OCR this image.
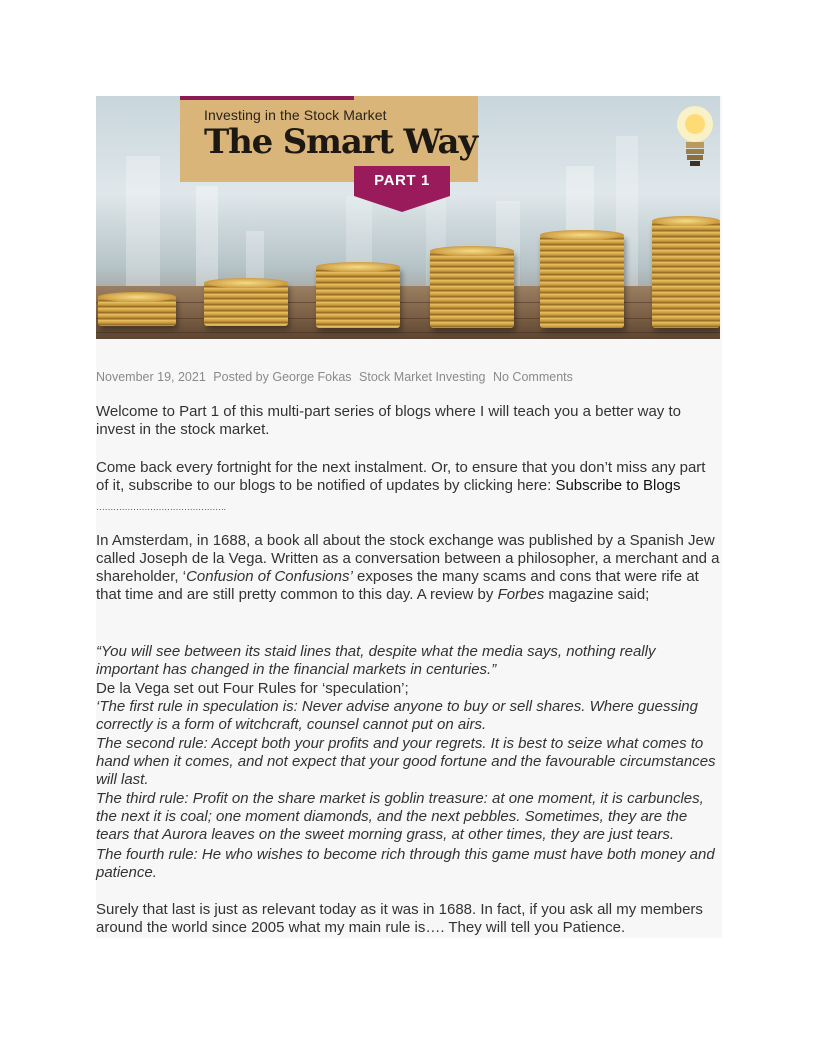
Investing in the Stock Market
The Smart Way
PART 1
November 19, 2021 Posted by George Fokas Stock Market Investing No Comments

Welcome to Part 1 of this multi-part series of blogs where I will teach you a better way to invest in the stock market.

Come back every fortnight for the next instalment. Or, to ensure that you don’t miss any part of it, subscribe to our blogs to be notified of updates by clicking here: Subscribe to Blogs

……………………………………….

In Amsterdam, in 1688, a book all about the stock exchange was published by a Spanish Jew called Joseph de la Vega. Written as a conversation between a philosopher, a merchant and a shareholder, ‘Confusion of Confusions’ exposes the many scams and cons that were rife at that time and are still pretty common to this day. A review by Forbes magazine said;

“You will see between its staid lines that, despite what the media says, nothing really important has changed in the financial markets in centuries.”

De la Vega set out Four Rules for ‘speculation’;

‘The first rule in speculation is: Never advise anyone to buy or sell shares. Where guessing correctly is a form of witchcraft, counsel cannot put on airs.

The second rule: Accept both your profits and your regrets. It is best to seize what comes to hand when it comes, and not expect that your good fortune and the favourable circumstances will last.

The third rule: Profit on the share market is goblin treasure: at one moment, it is carbuncles, the next it is coal; one moment diamonds, and the next pebbles. Sometimes, they are the tears that Aurora leaves on the sweet morning grass, at other times, they are just tears.

The fourth rule: He who wishes to become rich through this game must have both money and patience.

Surely that last is just as relevant today as it was in 1688. In fact, if you ask all my members around the world since 2005 what my main rule is…. They will tell you Patience.
